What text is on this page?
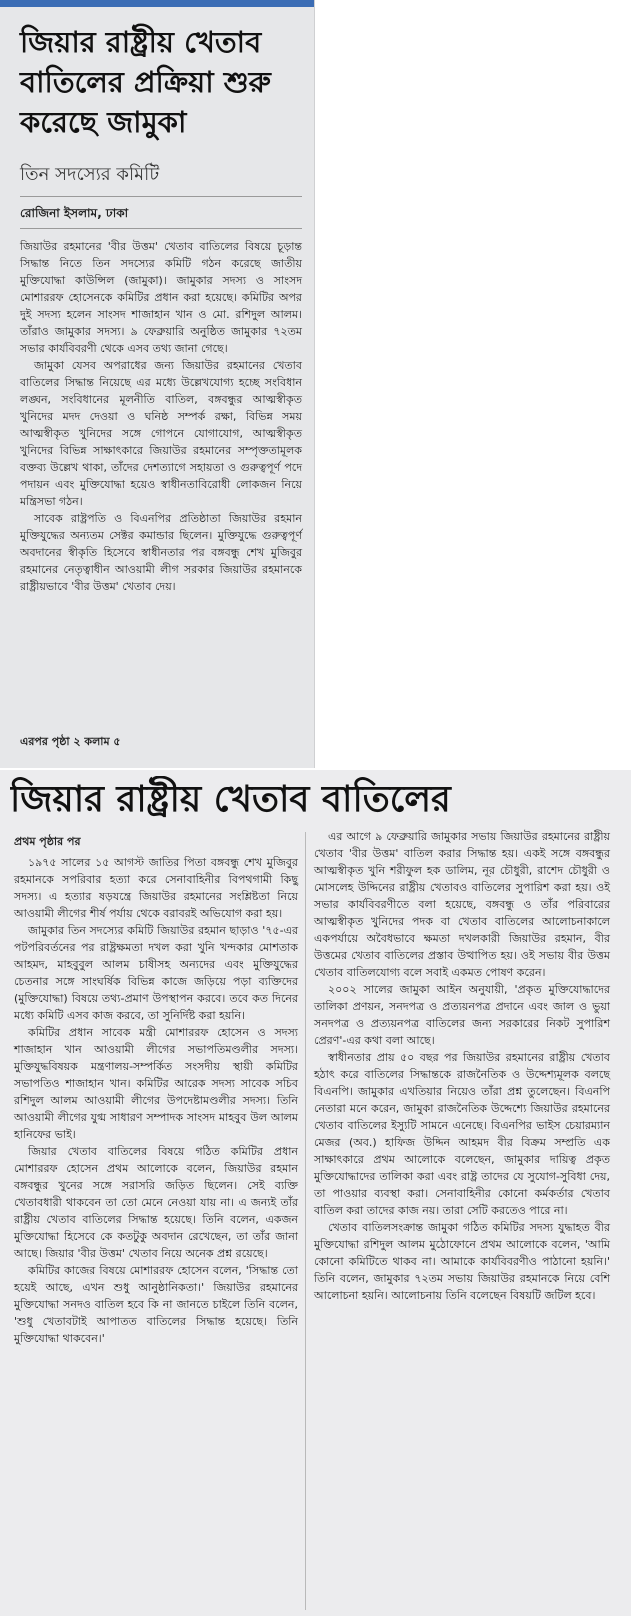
জিয়ার রাষ্ট্রীয় খেতাব বাতিলের প্রক্রিয়া শুরু করেছে জামুকা
তিন সদস্যের কমিটি
রোজিনা ইসলাম, ঢাকা

জিয়াউর রহমানের 'বীর উত্তম' খেতাব বাতিলের বিষয়ে চূড়ান্ত সিদ্ধান্ত নিতে তিন সদস্যের কমিটি গঠন করেছে জাতীয় মুক্তিযোদ্ধা কাউন্সিল (জামুকা)। জামুকার সদস্য ও সাংসদ মোশাররফ হোসেনকে কমিটির প্রধান করা হয়েছে। কমিটির অপর দুই সদস্য হলেন সাংসদ শাজাহান খান ও মো. রশিদুল আলম। তাঁরাও জামুকার সদস্য। ৯ ফেব্রুয়ারি অনুষ্ঠিত জামুকার ৭২তম সভার কার্যবিবরণী থেকে এসব তথ্য জানা গেছে।

জামুকা যেসব অপরাধের জন্য জিয়াউর রহমানের খেতাব বাতিলের সিদ্ধান্ত নিয়েছে এর মধ্যে উল্লেখযোগ্য হচ্ছে সংবিধান লঙ্ঘন, সংবিধানের মূলনীতি বাতিল, বঙ্গবন্ধুর আত্মস্বীকৃত খুনিদের মদদ দেওয়া ও ঘনিষ্ঠ সম্পর্ক রক্ষা, বিভিন্ন সময় আত্মস্বীকৃত খুনিদের সঙ্গে গোপনে যোগাযোগ, আত্মস্বীকৃত খুনিদের বিভিন্ন সাক্ষাৎকারে জিয়াউর রহমানের সম্পৃক্ততামূলক বক্তব্য উল্লেখ থাকা, তাঁদের দেশত্যাগে সহায়তা ও গুরুত্বপূর্ণ পদে পদায়ন এবং মুক্তিযোদ্ধা হয়েও স্বাধীনতাবিরোধী লোকজন নিয়ে মন্ত্রিসভা গঠন।

সাবেক রাষ্ট্রপতি ও বিএনপির প্রতিষ্ঠাতা জিয়াউর রহমান মুক্তিযুদ্ধের অন্যতম সেক্টর কমান্ডার ছিলেন। মুক্তিযুদ্ধে গুরুত্বপূর্ণ অবদানের স্বীকৃতি হিসেবে স্বাধীনতার পর বঙ্গবন্ধু শেখ মুজিবুর রহমানের নেতৃত্বাধীন আওয়ামী লীগ সরকার জিয়াউর রহমানকে রাষ্ট্রীয়ভাবে 'বীর উত্তম' খেতাব দেয়।

এরপর পৃষ্ঠা ২ কলাম ৫
জিয়ার রাষ্ট্রীয় খেতাব বাতিলের
প্রথম পৃষ্ঠার পর

১৯৭৫ সালের ১৫ আগস্ট জাতির পিতা বঙ্গবন্ধু শেখ মুজিবুর রহমানকে সপরিবার হত্যা করে সেনাবাহিনীর বিপথগামী কিছু সদস্য। এ হত্যার ষড়যন্ত্রে জিয়াউর রহমানের সংশ্লিষ্টতা নিয়ে আওয়ামী লীগের শীর্ষ পর্যায় থেকে বরাবরই অভিযোগ করা হয়।

জামুকার তিন সদস্যের কমিটি জিয়াউর রহমান ছাড়াও '৭৫-এর পটপরিবর্তনের পর রাষ্ট্রক্ষমতা দখল করা খুনি খন্দকার মোশতাক আহমদ, মাহবুবুল আলম চাষীসহ অন্যদের এবং মুক্তিযুদ্ধের চেতনার সঙ্গে সাংঘর্ষিক বিভিন্ন কাজে জড়িয়ে পড়া ব্যক্তিদের (মুক্তিযোদ্ধা) বিষয়ে তথ্য-প্রমাণ উপস্থাপন করবে। তবে কত দিনের মধ্যে কমিটি এসব কাজ করবে, তা সুনির্দিষ্ট করা হয়নি।

কমিটির প্রধান সাবেক মন্ত্রী মোশাররফ হোসেন ও সদস্য শাজাহান খান আওয়ামী লীগের সভাপতিমণ্ডলীর সদস্য। মুক্তিযুদ্ধবিষয়ক মন্ত্রণালয়-সম্পর্কিত সংসদীয় স্থায়ী কমিটির সভাপতিও শাজাহান খান। কমিটির আরেক সদস্য সাবেক সচিব রশিদুল আলম আওয়ামী লীগের উপদেষ্টামণ্ডলীর সদস্য। তিনি আওয়ামী লীগের যুগ্ম সাধারণ সম্পাদক সাংসদ মাহবুব উল আলম হানিফের ভাই।

জিয়ার খেতাব বাতিলের বিষয়ে গঠিত কমিটির প্রধান মোশাররফ হোসেন প্রথম আলোকে বলেন, জিয়াউর রহমান বঙ্গবন্ধুর খুনের সঙ্গে সরাসরি জড়িত ছিলেন। সেই ব্যক্তি খেতাবধারী থাকবেন তা তো মেনে নেওয়া যায় না। এ জন্যই তাঁর রাষ্ট্রীয় খেতাব বাতিলের সিদ্ধান্ত হয়েছে। তিনি বলেন, একজন মুক্তিযোদ্ধা হিসেবে কে কতটুকু অবদান রেখেছেন, তা তাঁর জানা আছে। জিয়ার 'বীর উত্তম' খেতাব নিয়ে অনেক প্রশ্ন রয়েছে।

কমিটির কাজের বিষয়ে মোশাররফ হোসেন বলেন, 'সিদ্ধান্ত তো হয়েই আছে, এখন শুধু আনুষ্ঠানিকতা।' জিয়াউর রহমানের মুক্তিযোদ্ধা সনদও বাতিল হবে কি না জানতে চাইলে তিনি বলেন, 'শুধু খেতাবটাই আপাতত বাতিলের সিদ্ধান্ত হয়েছে। তিনি মুক্তিযোদ্ধা থাকবেন।'

এর আগে ৯ ফেব্রুয়ারি জামুকার সভায় জিয়াউর রহমানের রাষ্ট্রীয় খেতাব 'বীর উত্তম' বাতিল করার সিদ্ধান্ত হয়। একই সঙ্গে বঙ্গবন্ধুর আত্মস্বীকৃত খুনি শরীফুল হক ডালিম, নূর চৌধুরী, রাশেদ চৌধুরী ও মোসলেহ উদ্দিনের রাষ্ট্রীয় খেতাবও বাতিলের সুপারিশ করা হয়। ওই সভার কার্যবিবরণীতে বলা হয়েছে, বঙ্গবন্ধু ও তাঁর পরিবারের আত্মস্বীকৃত খুনিদের পদক বা খেতাব বাতিলের আলোচনাকালে একপর্যায়ে অবৈধভাবে ক্ষমতা দখলকারী জিয়াউর রহমান, বীর উত্তমের খেতাব বাতিলের প্রস্তাব উত্থাপিত হয়। ওই সভায় বীর উত্তম খেতাব বাতিলযোগ্য বলে সবাই একমত পোষণ করেন।

২০০২ সালের জামুকা আইন অনুযায়ী, 'প্রকৃত মুক্তিযোদ্ধাদের তালিকা প্রণয়ন, সনদপত্র ও প্রত্যয়নপত্র প্রদানে এবং জাল ও ভুয়া সনদপত্র ও প্রত্যয়নপত্র বাতিলের জন্য সরকারের নিকট সুপারিশ প্রেরণ'-এর কথা বলা আছে।

স্বাধীনতার প্রায় ৫০ বছর পর জিয়াউর রহমানের রাষ্ট্রীয় খেতাব হঠাৎ করে বাতিলের সিদ্ধান্তকে রাজনৈতিক ও উদ্দেশ্যমূলক বলছে বিএনপি। জামুকার এখতিয়ার নিয়েও তাঁরা প্রশ্ন তুলেছেন। বিএনপি নেতারা মনে করেন, জামুকা রাজনৈতিক উদ্দেশ্যে জিয়াউর রহমানের খেতাব বাতিলের ইস্যুটি সামনে এনেছে। বিএনপির ভাইস চেয়ারম্যান মেজর (অব.) হাফিজ উদ্দিন আহমদ বীর বিক্রম সম্প্রতি এক সাক্ষাৎকারে প্রথম আলোকে বলেছেন, জামুকার দায়িত্ব প্রকৃত মুক্তিযোদ্ধাদের তালিকা করা এবং রাষ্ট্র তাদের যে সুযোগ-সুবিধা দেয়, তা পাওয়ার ব্যবস্থা করা। সেনাবাহিনীর কোনো কর্মকর্তার খেতাব বাতিল করা তাদের কাজ নয়। তারা সেটি করতেও পারে না।

খেতাব বাতিলসংক্রান্ত জামুকা গঠিত কমিটির সদস্য যুদ্ধাহত বীর মুক্তিযোদ্ধা রশিদুল আলম মুঠোফোনে প্রথম আলোকে বলেন, 'আমি কোনো কমিটিতে থাকব না। আমাকে কার্যবিবরণীও পাঠানো হয়নি।' তিনি বলেন, জামুকার ৭২তম সভায় জিয়াউর রহমানকে নিয়ে বেশি আলোচনা হয়নি। আলোচনায় তিনি বলেছেন বিষয়টি জটিল হবে।
